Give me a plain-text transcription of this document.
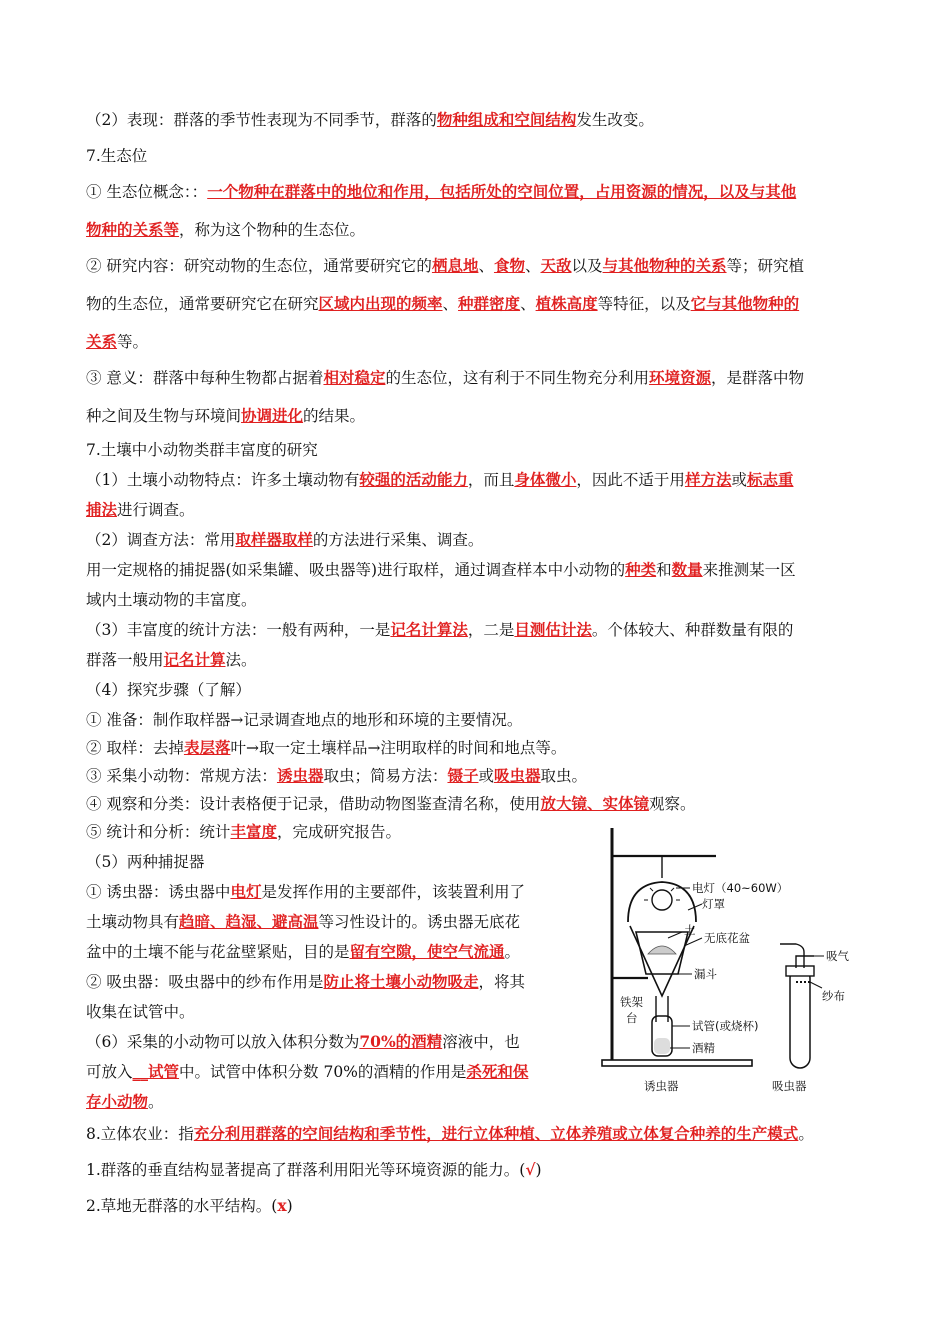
（2）表现：群落的季节性表现为不同季节，群落的物种组成和空间结构发生改变。

7.生态位

① 生态位概念：：一个物种在群落中的地位和作用，包括所处的空间位置，占用资源的情况，以及与其他

物种的关系等，称为这个物种的生态位。

② 研究内容：研究动物的生态位，通常要研究它的栖息地、食物、天敌以及与其他物种的关系等；研究植

物的生态位，通常要研究它在研究区域内出现的频率、种群密度、植株高度等特征，以及它与其他物种的

关系等。

③ 意义：群落中每种生物都占据着相对稳定的生态位，这有利于不同生物充分利用环境资源，是群落中物

种之间及生物与环境间协调进化的结果。

7.土壤中小动物类群丰富度的研究

（1）土壤小动物特点：许多土壤动物有较强的活动能力，而且身体微小，因此不适于用样方法或标志重

捕法进行调查。

（2）调查方法：常用取样器取样的方法进行采集、调查。

用一定规格的捕捉器(如采集罐、吸虫器等)进行取样，通过调查样本中小动物的种类和数量来推测某一区

域内土壤动物的丰富度。

（3）丰富度的统计方法：一般有两种，一是记名计算法，二是目测估计法。个体较大、种群数量有限的

群落一般用记名计算法。

（4）探究步骤（了解）

① 准备：制作取样器→记录调查地点的地形和环境的主要情况。

② 取样：去掉表层落叶→取一定土壤样品→注明取样的时间和地点等。

③ 采集小动物：常规方法：诱虫器取虫；简易方法：镊子或吸虫器取虫。

④ 观察和分类：设计表格便于记录，借助动物图鉴查清名称，使用放大镜、实体镜观察。

⑤ 统计和分析：统计丰富度，完成研究报告。

（5）两种捕捉器

① 诱虫器：诱虫器中电灯是发挥作用的主要部件，该装置利用了

土壤动物具有趋暗、趋湿、避高温等习性设计的。诱虫器无底花

盆中的土壤不能与花盆壁紧贴，目的是留有空隙，使空气流通。

② 吸虫器：吸虫器中的纱布作用是防止将土壤小动物吸走，将其

收集在试管中。

（6）采集的小动物可以放入体积分数为70%的酒精溶液中，也

可放入__试管中。试管中体积分数 70%的酒精的作用是杀死和保

存小动物。

8.立体农业：指充分利用群落的空间结构和季节性，进行立体种植、立体养殖或立体复合种养的生产模式。

1.群落的垂直结构显著提高了群落利用阳光等环境资源的能力。(√)

2.草地无群落的水平结构。(x)

电灯（40~60W）
灯罩
土
无底花盆
漏斗
铁架
台
试管(或烧杯)
酒精
诱虫器
吸气
纱布
吸虫器
